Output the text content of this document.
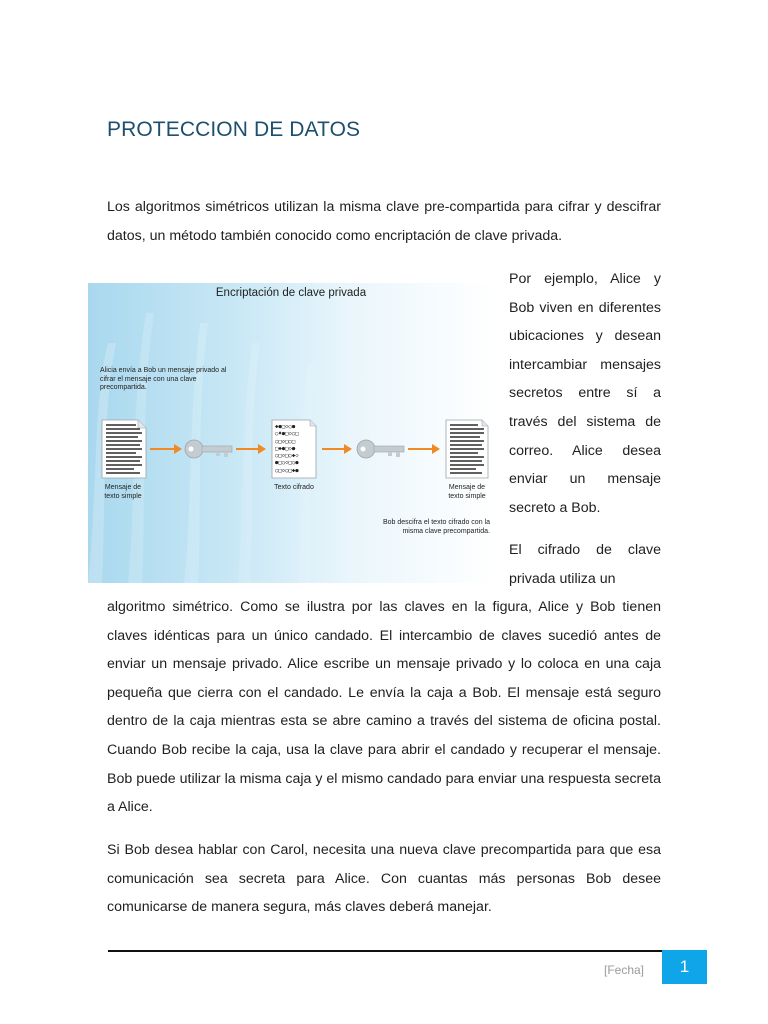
PROTECCION DE DATOS

Los algoritmos simétricos utilizan la misma clave pre-compartida para cifrar y descifrar datos, un método también conocido como encriptación de clave privada.

Encriptación de clave privada
Alicia envía a Bob un mensaje privado al
cifrar el mensaje con una clave
precompartida.
◆●□◇○●
○♦●□◇○□
○□◇□○□
□◆●□◇●
○□◇□○◆◇
●□○◇□○●
○□◇○□◆●
Mensaje de
texto simple
Texto cifrado	Mensaje de
texto simple
Bob descifra el texto cifrado con la
misma clave precompartida.

Por ejemplo, Alice y Bob viven en diferentes ubicaciones y desean intercambiar mensajes secretos entre sí a través del sistema de correo. Alice desea enviar un mensaje secreto a Bob.

El cifrado de clave privada utiliza un

algoritmo simétrico. Como se ilustra por las claves en la figura, Alice y Bob tienen claves idénticas para un único candado. El intercambio de claves sucedió antes de enviar un mensaje privado. Alice escribe un mensaje privado y lo coloca en una caja pequeña que cierra con el candado. Le envía la caja a Bob. El mensaje está seguro dentro de la caja mientras esta se abre camino a través del sistema de oficina postal. Cuando Bob recibe la caja, usa la clave para abrir el candado y recuperar el mensaje. Bob puede utilizar la misma caja y el mismo candado para enviar una respuesta secreta a Alice.

Si Bob desea hablar con Carol, necesita una nueva clave precompartida para que esa comunicación sea secreta para Alice. Con cuantas más personas Bob desee comunicarse de manera segura, más claves deberá manejar.

[Fecha]	1
